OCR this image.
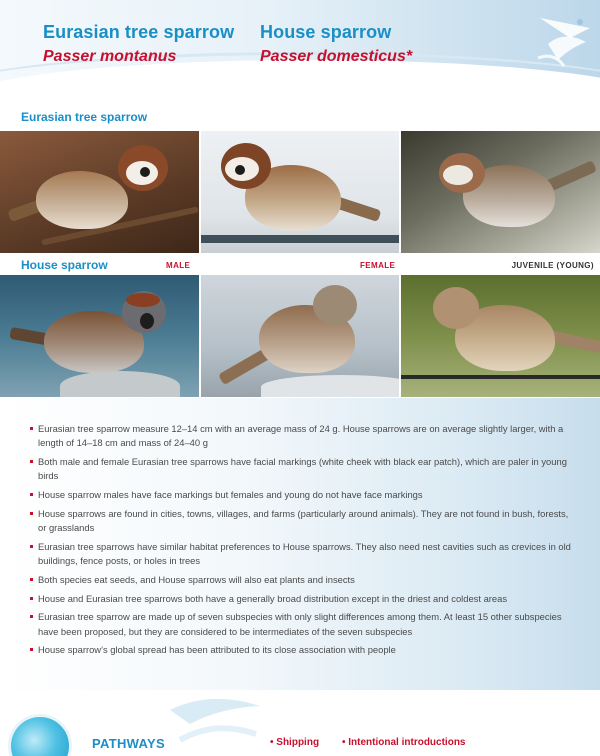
Eurasian tree sparrow
Passer montanus
House sparrow
Passer domesticus*
Eurasian tree sparrow
House sparrow	MALE	FEMALE	JUVENILE (YOUNG)
Eurasian tree sparrow measure 12–14 cm with an average mass of 24 g. House sparrows are on average slightly larger, with a length of 14–18 cm and mass of 24–40 g
Both male and female Eurasian tree sparrows have facial markings (white cheek with black ear patch), which are paler in young birds
House sparrow males have face markings but females and young do not have face markings
House sparrows are found in cities, towns, villages, and farms (particularly around animals). They are not found in bush, forests, or grasslands
Eurasian tree sparrows have similar habitat preferences to House sparrows. They also need nest cavities such as crevices in old buildings, fence posts, or holes in trees
Both species eat seeds, and House sparrows will also eat plants and insects
House and Eurasian tree sparrows both have a generally broad distribution except in the driest and coldest areas
Eurasian tree sparrow are made up of seven subspecies with only slight differences among them. At least 15 other subspecies have been proposed, but they are considered to be intermediates of the seven subspecies
House sparrow’s global spread has been attributed to its close association with people
PATHWAYS	• Shipping • Intentional introductions
